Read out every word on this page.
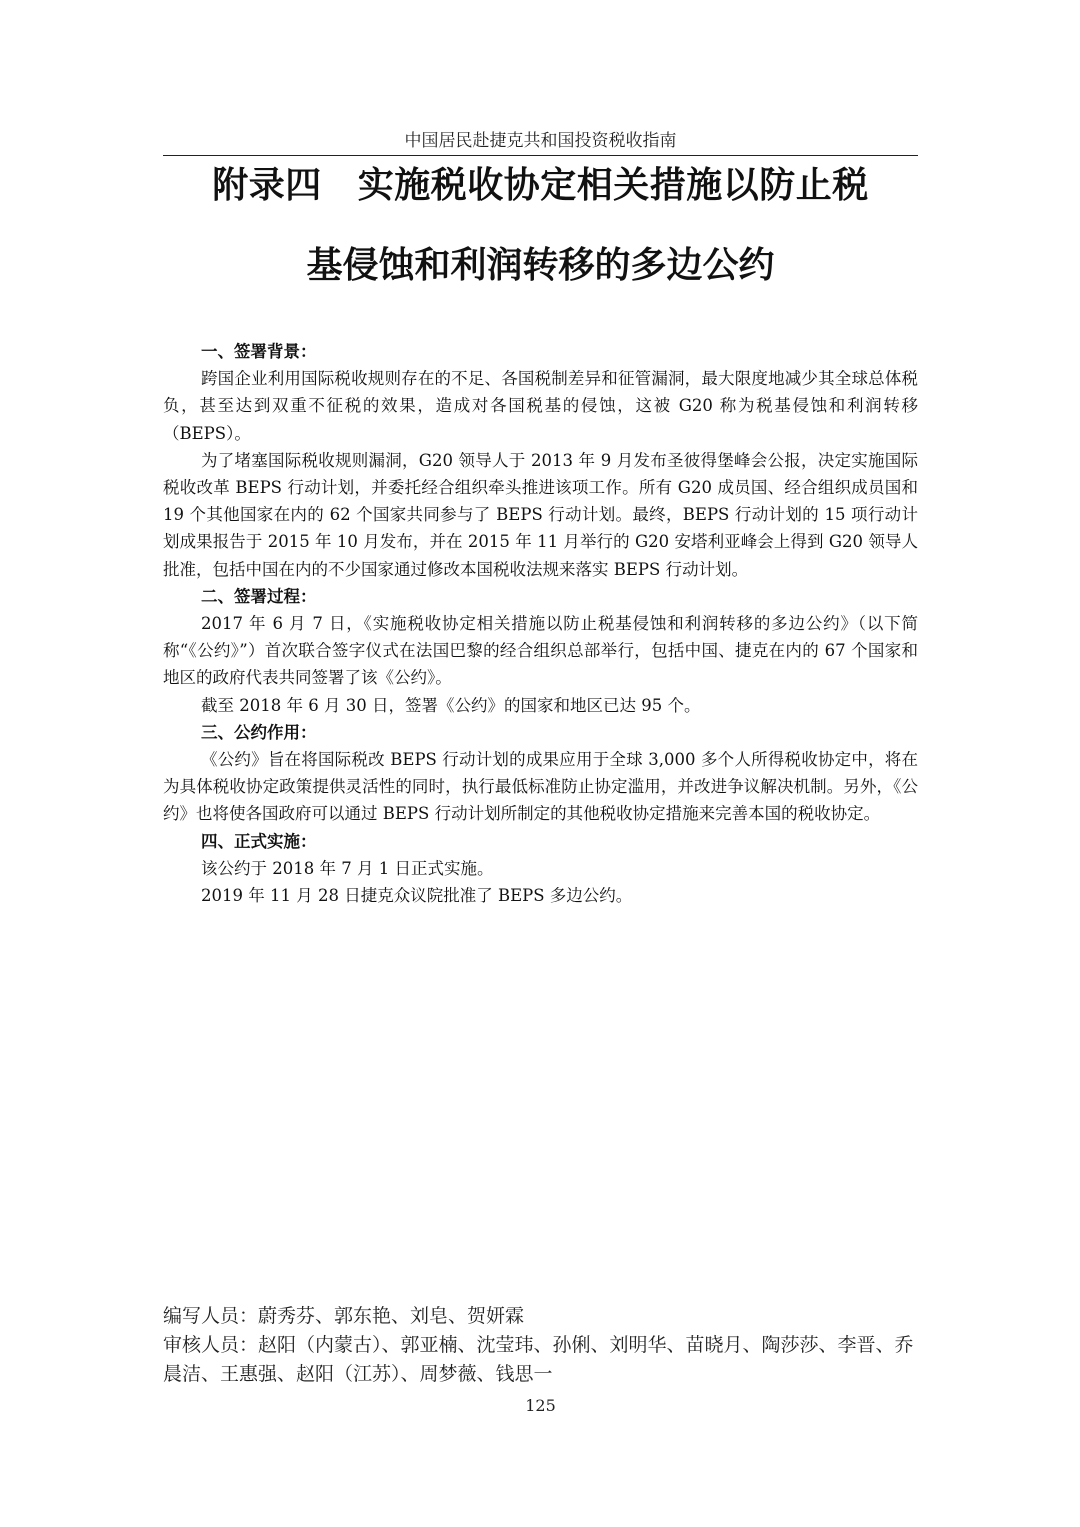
中国居民赴捷克共和国投资税收指南
附录四 实施税收协定相关措施以防止税
基侵蚀和利润转移的多边公约

一、签署背景：

跨国企业利用国际税收规则存在的不足、各国税制差异和征管漏洞，最大限度地减少其全球总体税负，甚至达到双重不征税的效果，造成对各国税基的侵蚀，这被 G20 称为税基侵蚀和利润转移（BEPS）。

为了堵塞国际税收规则漏洞，G20 领导人于 2013 年 9 月发布圣彼得堡峰会公报，决定实施国际税收改革 BEPS 行动计划，并委托经合组织牵头推进该项工作。所有 G20 成员国、经合组织成员国和 19 个其他国家在内的 62 个国家共同参与了 BEPS 行动计划。最终，BEPS 行动计划的 15 项行动计划成果报告于 2015 年 10 月发布，并在 2015 年 11 月举行的 G20 安塔利亚峰会上得到 G20 领导人批准，包括中国在内的不少国家通过修改本国税收法规来落实 BEPS 行动计划。

二、签署过程：

2017 年 6 月 7 日，《实施税收协定相关措施以防止税基侵蚀和利润转移的多边公约》（以下简称“《公约》”）首次联合签字仪式在法国巴黎的经合组织总部举行，包括中国、捷克在内的 67 个国家和地区的政府代表共同签署了该《公约》。

截至 2018 年 6 月 30 日，签署《公约》的国家和地区已达 95 个。

三、公约作用：

《公约》旨在将国际税改 BEPS 行动计划的成果应用于全球 3,000 多个人所得税收协定中，将在为具体税收协定政策提供灵活性的同时，执行最低标准防止协定滥用，并改进争议解决机制。另外，《公约》也将使各国政府可以通过 BEPS 行动计划所制定的其他税收协定措施来完善本国的税收协定。

四、正式实施：

该公约于 2018 年 7 月 1 日正式实施。

2019 年 11 月 28 日捷克众议院批准了 BEPS 多边公约。

编写人员：蔚秀芬、郭东艳、刘皂、贺妍霖

审核人员：赵阳（内蒙古）、郭亚楠、沈莹玮、孙俐、刘明华、苗晓月、陶莎莎、李晋、乔晨洁、王惠强、赵阳（江苏）、周梦薇、钱思一

125
